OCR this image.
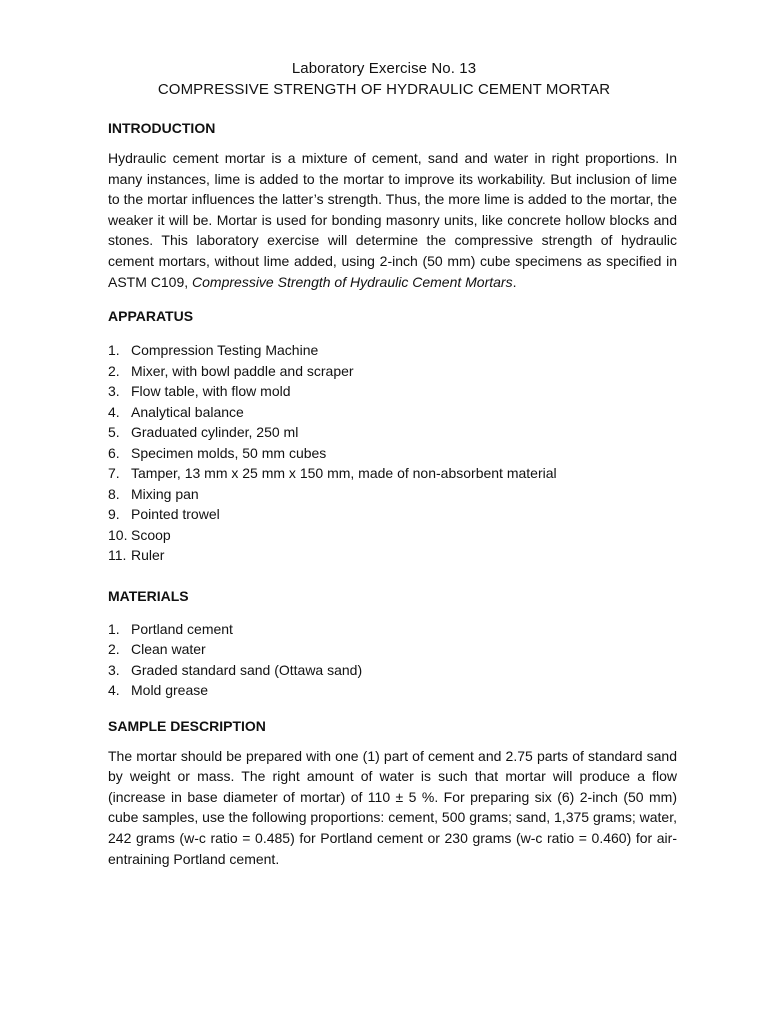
Laboratory Exercise No. 13
COMPRESSIVE STRENGTH OF HYDRAULIC CEMENT MORTAR
INTRODUCTION

Hydraulic cement mortar is a mixture of cement, sand and water in right proportions. In many instances, lime is added to the mortar to improve its workability. But inclusion of lime to the mortar influences the latter’s strength. Thus, the more lime is added to the mortar, the weaker it will be. Mortar is used for bonding masonry units, like concrete hollow blocks and stones. This laboratory exercise will determine the compressive strength of hydraulic cement mortars, without lime added, using 2-inch (50 mm) cube specimens as specified in ASTM C109, Compressive Strength of Hydraulic Cement Mortars.

APPARATUS
1. Compression Testing Machine
2. Mixer, with bowl paddle and scraper
3. Flow table, with flow mold
4. Analytical balance
5. Graduated cylinder, 250 ml
6. Specimen molds, 50 mm cubes
7. Tamper, 13 mm x 25 mm x 150 mm, made of non-absorbent material
8. Mixing pan
9. Pointed trowel
10. Scoop
11. Ruler
MATERIALS
1. Portland cement
2. Clean water
3. Graded standard sand (Ottawa sand)
4. Mold grease
SAMPLE DESCRIPTION

The mortar should be prepared with one (1) part of cement and 2.75 parts of standard sand by weight or mass. The right amount of water is such that mortar will produce a flow (increase in base diameter of mortar) of 110 ± 5 %. For preparing six (6) 2-inch (50 mm) cube samples, use the following proportions: cement, 500 grams; sand, 1,375 grams; water, 242 grams (w-c ratio = 0.485) for Portland cement or 230 grams (w-c ratio = 0.460) for air-entraining Portland cement.
